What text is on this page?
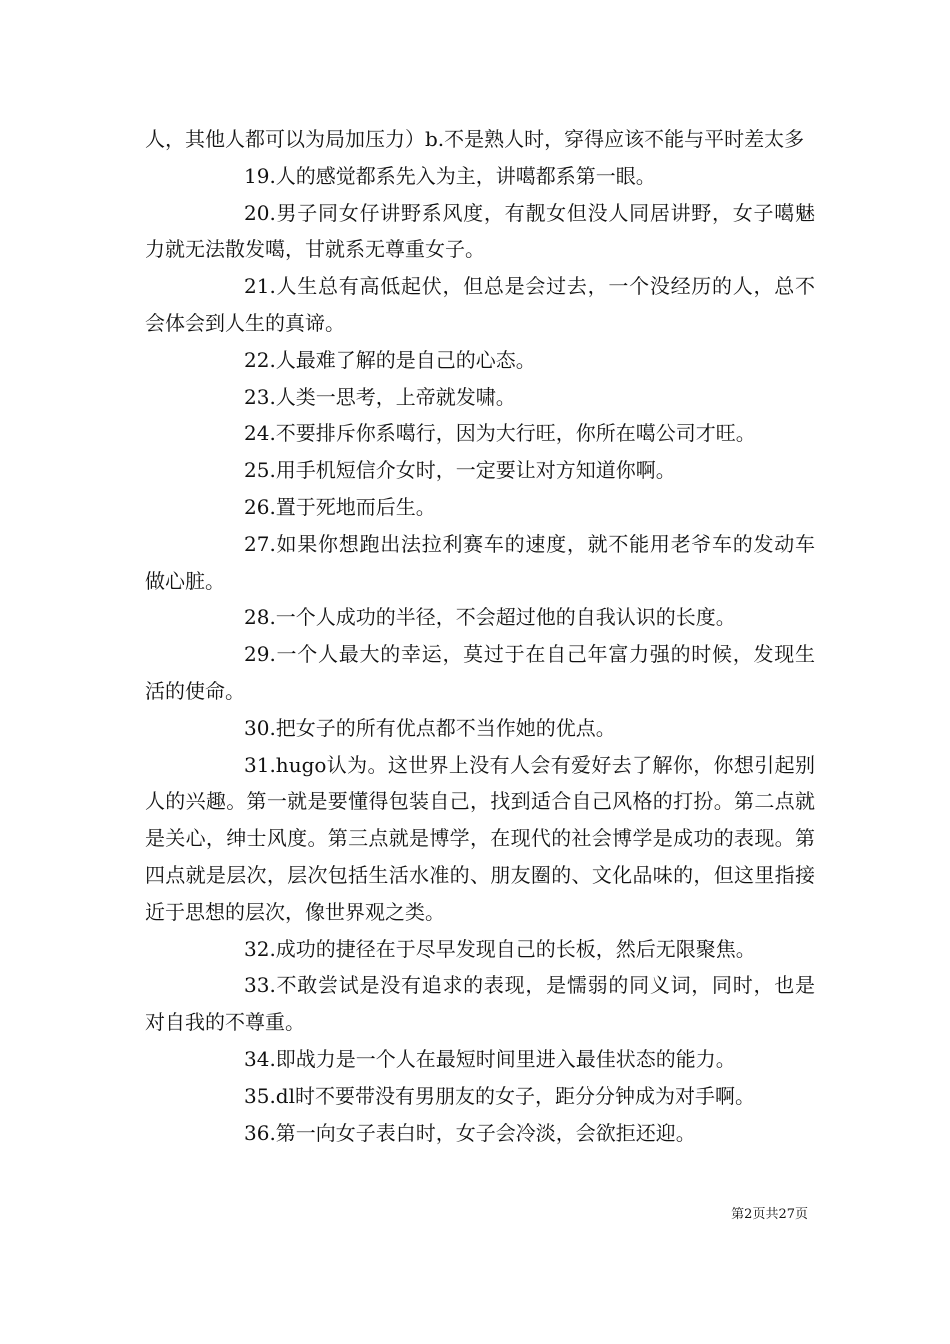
人，其他人都可以为局加压力）b.不是熟人时，穿得应该不能与平时差太多

19.人的感觉都系先入为主，讲噶都系第一眼。

20.男子同女仔讲野系风度，有靓女但没人同居讲野，女子噶魅力就无法散发噶，甘就系无尊重女子。

21.人生总有高低起伏，但总是会过去，一个没经历的人，总不会体会到人生的真谛。

22.人最难了解的是自己的心态。

23.人类一思考，上帝就发啸。

24.不要排斥你系噶行，因为大行旺，你所在噶公司才旺。

25.用手机短信介女时，一定要让对方知道你啊。

26.置于死地而后生。

27.如果你想跑出法拉利赛车的速度，就不能用老爷车的发动车做心脏。

28.一个人成功的半径，不会超过他的自我认识的长度。

29.一个人最大的幸运，莫过于在自己年富力强的时候，发现生活的使命。

30.把女子的所有优点都不当作她的优点。

31.hugo认为。这世界上没有人会有爱好去了解你，你想引起别人的兴趣。第一就是要懂得包装自己，找到适合自己风格的打扮。第二点就是关心，绅士风度。第三点就是博学，在现代的社会博学是成功的表现。第四点就是层次，层次包括生活水准的、朋友圈的、文化品味的，但这里指接近于思想的层次，像世界观之类。

32.成功的捷径在于尽早发现自己的长板，然后无限聚焦。

33.不敢尝试是没有追求的表现，是懦弱的同义词，同时，也是对自我的不尊重。

34.即战力是一个人在最短时间里进入最佳状态的能力。

35.dl时不要带没有男朋友的女子，距分分钟成为对手啊。

36.第一向女子表白时，女子会冷淡，会欲拒还迎。

第2页共27页
